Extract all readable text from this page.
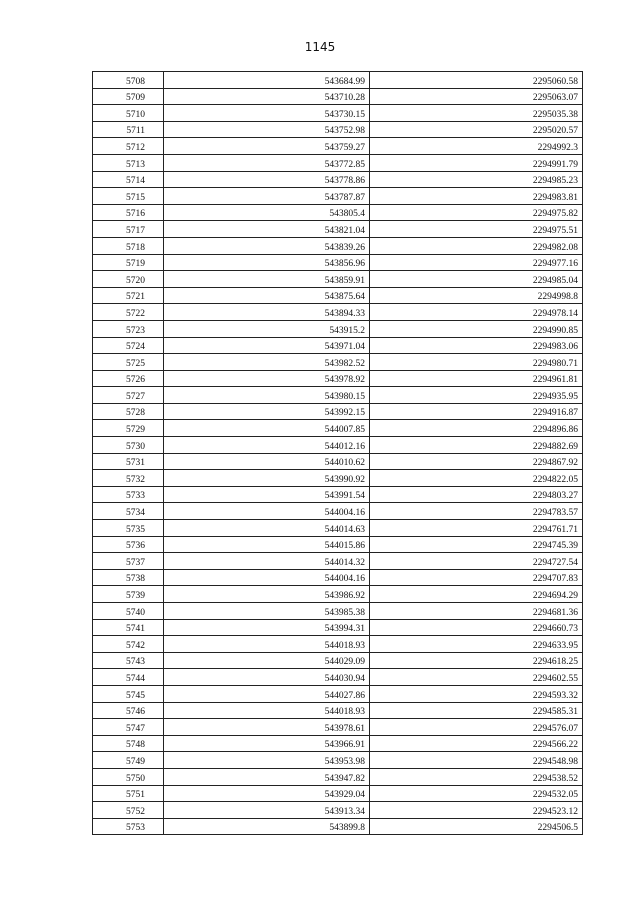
1145
5708	543684.99	2295060.58
5709	543710.28	2295063.07
5710	543730.15	2295035.38
5711	543752.98	2295020.57
5712	543759.27	2294992.3
5713	543772.85	2294991.79
5714	543778.86	2294985.23
5715	543787.87	2294983.81
5716	543805.4	2294975.82
5717	543821.04	2294975.51
5718	543839.26	2294982.08
5719	543856.96	2294977.16
5720	543859.91	2294985.04
5721	543875.64	2294998.8
5722	543894.33	2294978.14
5723	543915.2	2294990.85
5724	543971.04	2294983.06
5725	543982.52	2294980.71
5726	543978.92	2294961.81
5727	543980.15	2294935.95
5728	543992.15	2294916.87
5729	544007.85	2294896.86
5730	544012.16	2294882.69
5731	544010.62	2294867.92
5732	543990.92	2294822.05
5733	543991.54	2294803.27
5734	544004.16	2294783.57
5735	544014.63	2294761.71
5736	544015.86	2294745.39
5737	544014.32	2294727.54
5738	544004.16	2294707.83
5739	543986.92	2294694.29
5740	543985.38	2294681.36
5741	543994.31	2294660.73
5742	544018.93	2294633.95
5743	544029.09	2294618.25
5744	544030.94	2294602.55
5745	544027.86	2294593.32
5746	544018.93	2294585.31
5747	543978.61	2294576.07
5748	543966.91	2294566.22
5749	543953.98	2294548.98
5750	543947.82	2294538.52
5751	543929.04	2294532.05
5752	543913.34	2294523.12
5753	543899.8	2294506.5
